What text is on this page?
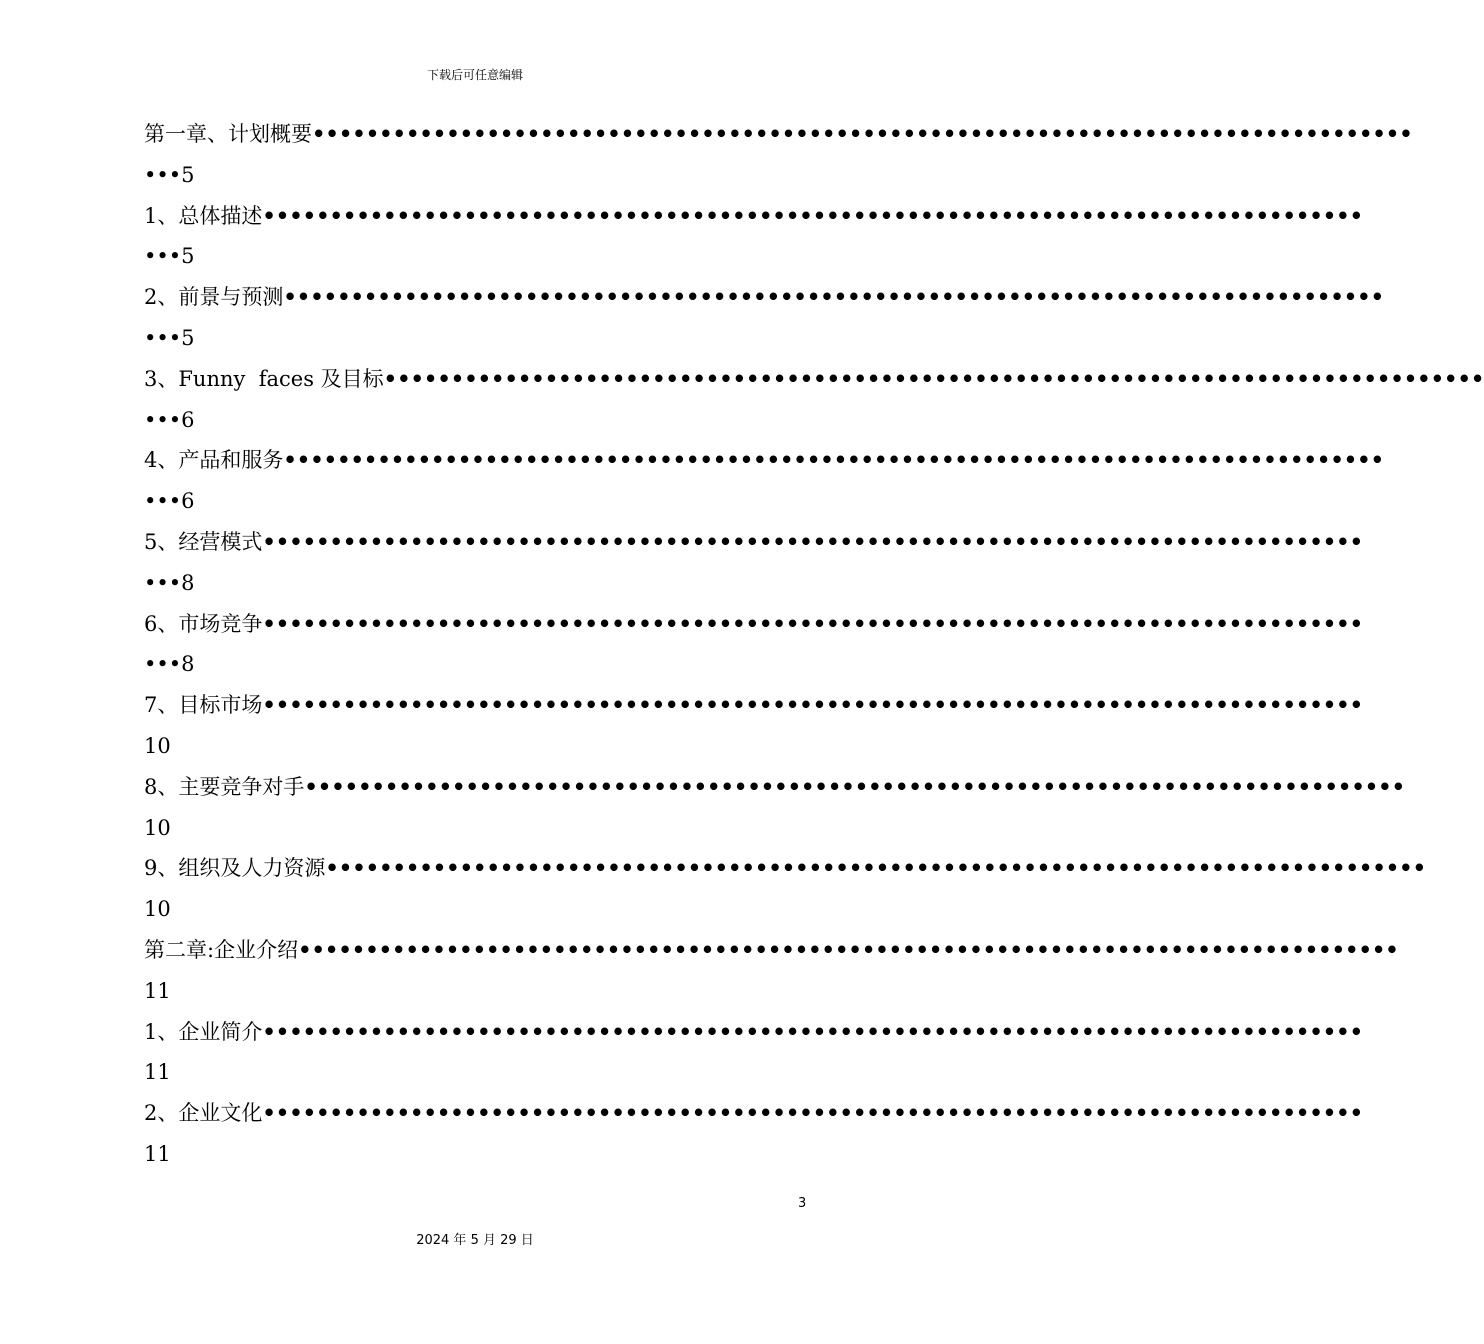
下载后可任意编辑
第一章、计划概要 ••••••••••••••••••••••••••••••••••••••••••••••••••••••••••••••••••••••••••••••••••
•••5
1、总体描述 ••••••••••••••••••••••••••••••••••••••••••••••••••••••••••••••••••••••••••••••••••
•••5
2、前景与预测 ••••••••••••••••••••••••••••••••••••••••••••••••••••••••••••••••••••••••••••••••••
•••5
3、Funny  faces 及目标 ••••••••••••••••••••••••••••••••••••••••••••••••••••••••••••••••••••••••••••••••••
•••6
4、产品和服务 ••••••••••••••••••••••••••••••••••••••••••••••••••••••••••••••••••••••••••••••••••
•••6
5、经营模式 ••••••••••••••••••••••••••••••••••••••••••••••••••••••••••••••••••••••••••••••••••
•••8
6、市场竞争 ••••••••••••••••••••••••••••••••••••••••••••••••••••••••••••••••••••••••••••••••••
•••8
7、目标市场 ••••••••••••••••••••••••••••••••••••••••••••••••••••••••••••••••••••••••••••••••••
10
8、主要竞争对手 ••••••••••••••••••••••••••••••••••••••••••••••••••••••••••••••••••••••••••••••••••
10
9、组织及人力资源 ••••••••••••••••••••••••••••••••••••••••••••••••••••••••••••••••••••••••••••••••••
10
第二章:企业介绍 ••••••••••••••••••••••••••••••••••••••••••••••••••••••••••••••••••••••••••••••••••
11
1、企业简介 ••••••••••••••••••••••••••••••••••••••••••••••••••••••••••••••••••••••••••••••••••
11
2、企业文化 ••••••••••••••••••••••••••••••••••••••••••••••••••••••••••••••••••••••••••••••••••
11
3
2024 年 5 月 29 日
